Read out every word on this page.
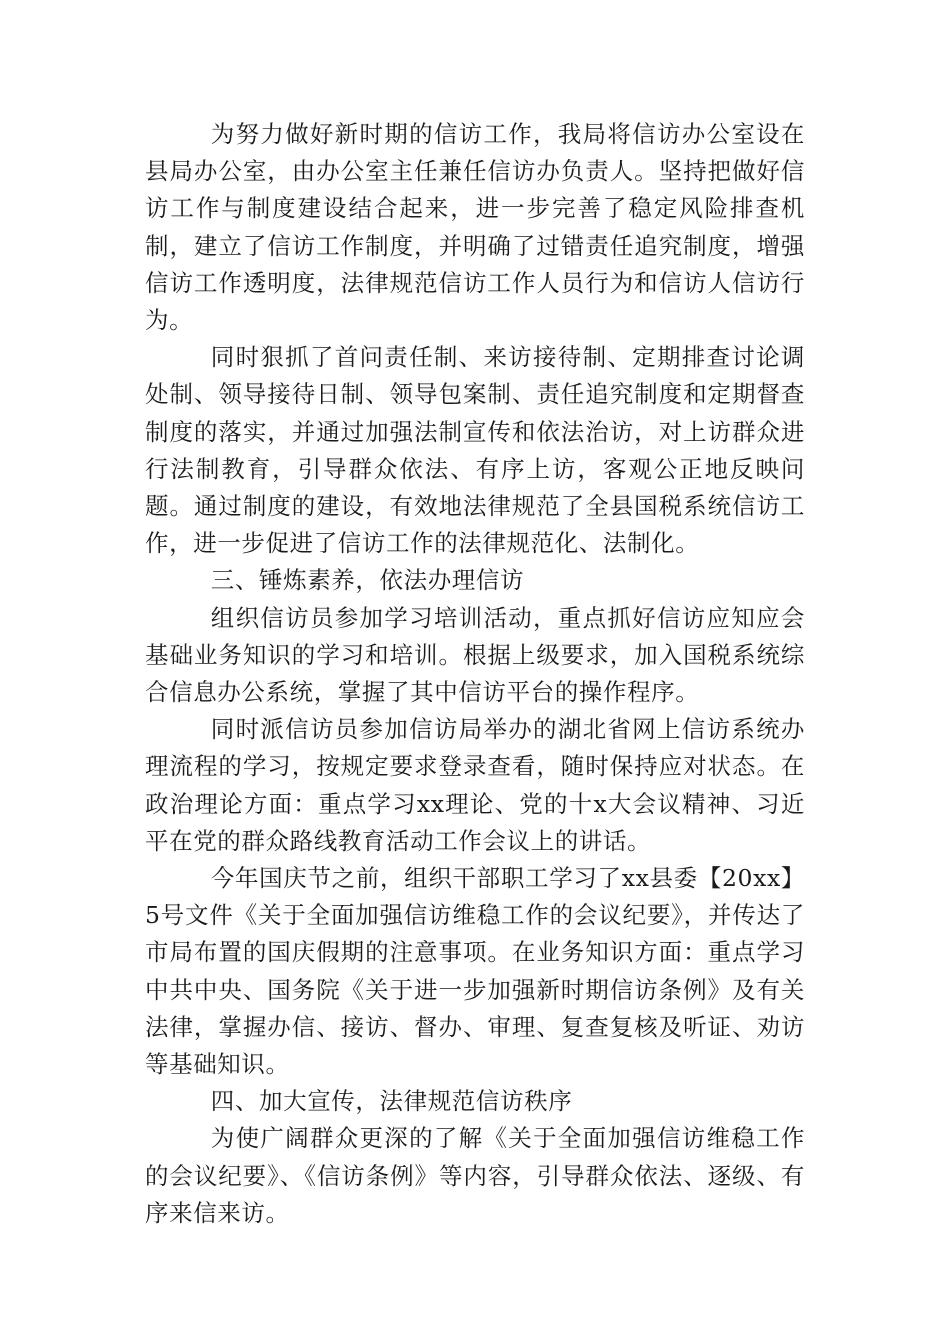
为努力做好新时期的信访工作，我局将信访办公室设在县局办公室，由办公室主任兼任信访办负责人。坚持把做好信访工作与制度建设结合起来，进一步完善了稳定风险排查机制，建立了信访工作制度，并明确了过错责任追究制度，增强信访工作透明度，法律规范信访工作人员行为和信访人信访行为。

同时狠抓了首问责任制、来访接待制、定期排查讨论调处制、领导接待日制、领导包案制、责任追究制度和定期督查制度的落实，并通过加强法制宣传和依法治访，对上访群众进行法制教育，引导群众依法、有序上访，客观公正地反映问题。通过制度的建设，有效地法律规范了全县国税系统信访工作，进一步促进了信访工作的法律规范化、法制化。

三、锤炼素养，依法办理信访

组织信访员参加学习培训活动，重点抓好信访应知应会基础业务知识的学习和培训。根据上级要求，加入国税系统综合信息办公系统，掌握了其中信访平台的操作程序。

同时派信访员参加信访局举办的湖北省网上信访系统办理流程的学习，按规定要求登录查看，随时保持应对状态。在政治理论方面：重点学习xx理论、党的十x大会议精神、习近平在党的群众路线教育活动工作会议上的讲话。

今年国庆节之前，组织干部职工学习了xx县委【20xx】5号文件《关于全面加强信访维稳工作的会议纪要》，并传达了市局布置的国庆假期的注意事项。在业务知识方面：重点学习中共中央、国务院《关于进一步加强新时期信访条例》及有关法律，掌握办信、接访、督办、审理、复查复核及听证、劝访等基础知识。

四、加大宣传，法律规范信访秩序

为使广阔群众更深的了解《关于全面加强信访维稳工作的会议纪要》、《信访条例》等内容，引导群众依法、逐级、有序来信来访。
